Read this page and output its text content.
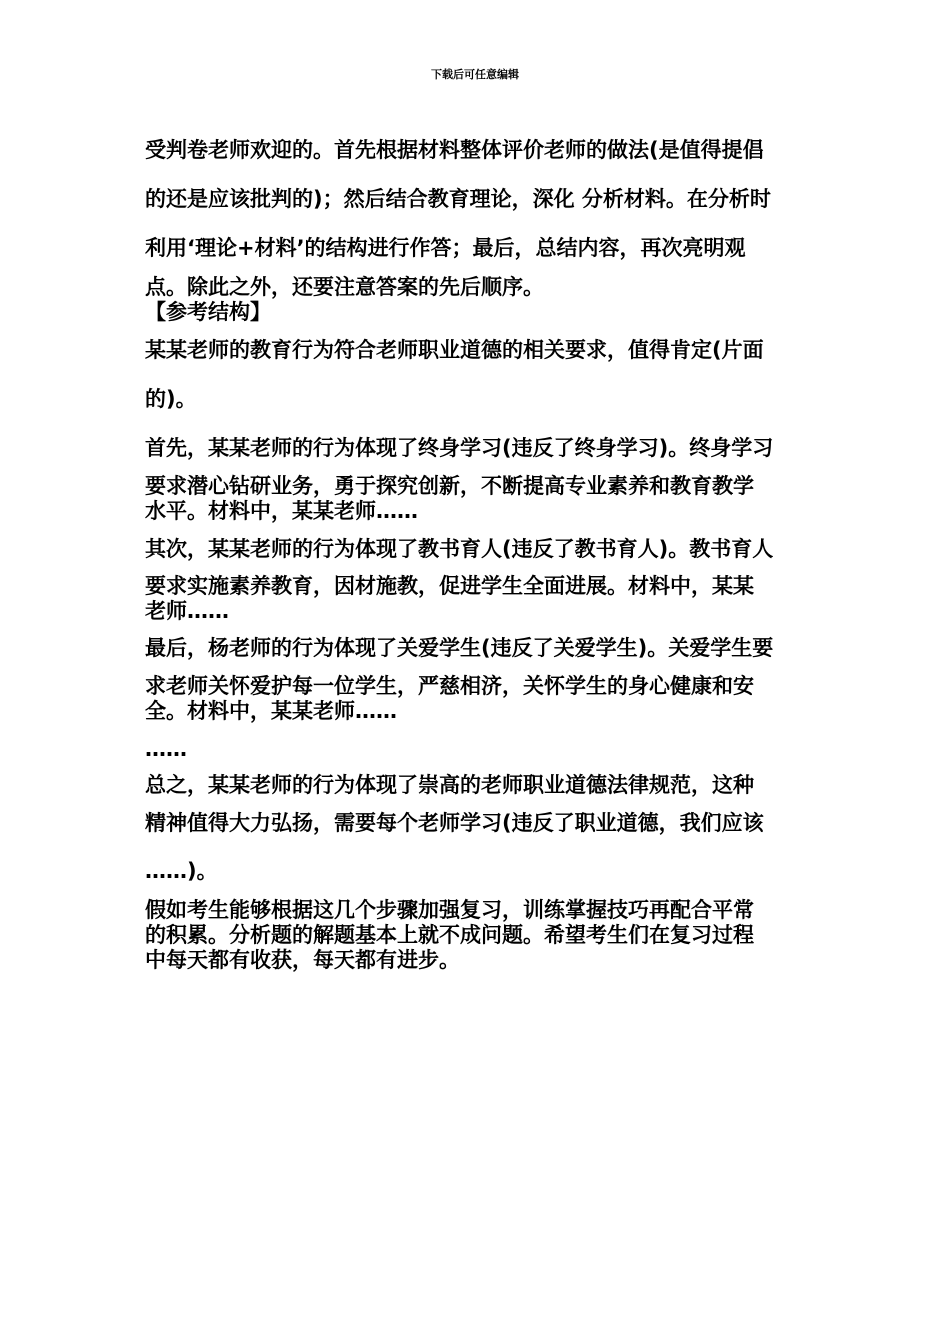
下载后可任意编辑
受判卷老师欢迎的。首先根据材料整体评价老师的做法(是值得提倡
的还是应该批判的)；然后结合教育理论，深化 分析材料。在分析时
利用‘理论+材料’的结构进行作答；最后，总结内容，再次亮明观
点。除此之外，还要注意答案的先后顺序。
【参考结构】
某某老师的教育行为符合老师职业道德的相关要求，值得肯定(片面
的)。
首先，某某老师的行为体现了终身学习(违反了终身学习)。终身学习
要求潜心钻研业务，勇于探究创新，不断提高专业素养和教育教学
水平。材料中，某某老师……
其次，某某老师的行为体现了教书育人(违反了教书育人)。教书育人
要求实施素养教育，因材施教，促进学生全面进展。材料中，某某
老师……
最后，杨老师的行为体现了关爱学生(违反了关爱学生)。关爱学生要
求老师关怀爱护每一位学生，严慈相济，关怀学生的身心健康和安
全。材料中，某某老师……
……
总之，某某老师的行为体现了崇高的老师职业道德法律规范，这种
精神值得大力弘扬，需要每个老师学习(违反了职业道德，我们应该
……)。
假如考生能够根据这几个步骤加强复习，训练掌握技巧再配合平常
的积累。分析题的解题基本上就不成问题。希望考生们在复习过程
中每天都有收获，每天都有进步。
